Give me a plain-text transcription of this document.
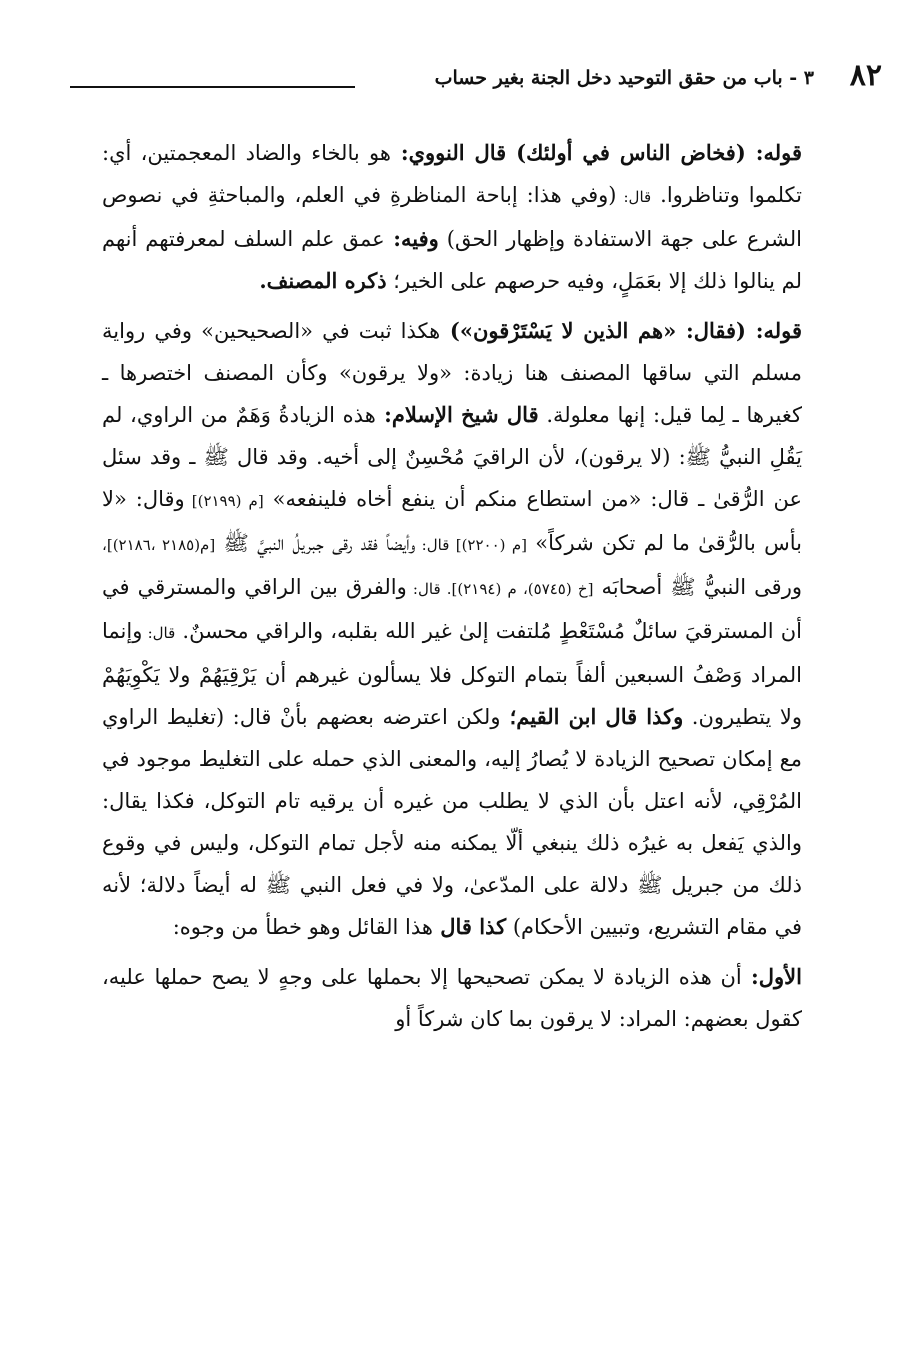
٨٢
٣ - باب من حقق التوحيد دخل الجنة بغير حساب

قوله: (فخاض الناس في أولئك) قال النووي: هو بالخاء والضاد المعجمتين، أي: تكلموا وتناظروا. قال: (وفي هذا: إباحة المناظرةِ في العلم، والمباحثةِ في نصوص الشرع على جهة الاستفادة وإظهار الحق) وفيه: عمق علم السلف لمعرفتهم أنهم لم ينالوا ذلك إلا بعَمَلٍ، وفيه حرصهم على الخير؛ ذكره المصنف.

قوله: (فقال: «هم الذين لا يَسْتَرْقون») هكذا ثبت في «الصحيحين» وفي رواية مسلم التي ساقها المصنف هنا زيادة: «ولا يرقون» وكأن المصنف اختصرها ـ كغيرها ـ لِما قيل: إنها معلولة. قال شيخ الإسلام: هذه الزيادةُ وَهَمٌ من الراوي، لم يَقُلِ النبيُّ ﷺ: (لا يرقون)، لأن الراقيَ مُحْسِنٌ إلى أخيه. وقد قال ﷺ ـ وقد سئل عن الرُّقىٰ ـ قال: «من استطاع منكم أن ينفع أخاه فلينفعه» [م (٢١٩٩)] وقال: «لا بأس بالرُّقىٰ ما لم تكن شركاً» [م (٢٢٠٠)] قال: وأيضاً فقد رقى جبريلُ النبيَّ ﷺ [م(٢١٨٥ ،٢١٨٦)]، ورقى النبيُّ ﷺ أصحابَه [خ (٥٧٤٥)، م (٢١٩٤)]. قال: والفرق بين الراقي والمسترقي في أن المسترقيَ سائلٌ مُسْتَعْطٍ مُلتفت إلىٰ غير الله بقلبه، والراقي محسنٌ. قال: وإنما المراد وَصْفُ السبعين ألفاً بتمام التوكل فلا يسألون غيرهم أن يَرْقِيَهُمْ ولا يَكْوِيَهُمْ ولا يتطيرون. وكذا قال ابن القيم؛ ولكن اعترضه بعضهم بأنْ قال: (تغليط الراوي مع إمكان تصحيح الزيادة لا يُصارُ إليه، والمعنى الذي حمله على التغليط موجود في المُرْقِي، لأنه اعتل بأن الذي لا يطلب من غيره أن يرقيه تام التوكل، فكذا يقال: والذي يَفعل به غيرُه ذلك ينبغي ألّا يمكنه منه لأجل تمام التوكل، وليس في وقوع ذلك من جبريل ﷺ دلالة على المدّعىٰ، ولا في فعل النبي ﷺ له أيضاً دلالة؛ لأنه في مقام التشريع، وتبيين الأحكام) كذا قال هذا القائل وهو خطأ من وجوه:

الأول: أن هذه الزيادة لا يمكن تصحيحها إلا بحملها على وجهٍ لا يصح حملها عليه، كقول بعضهم: المراد: لا يرقون بما كان شركاً أو
